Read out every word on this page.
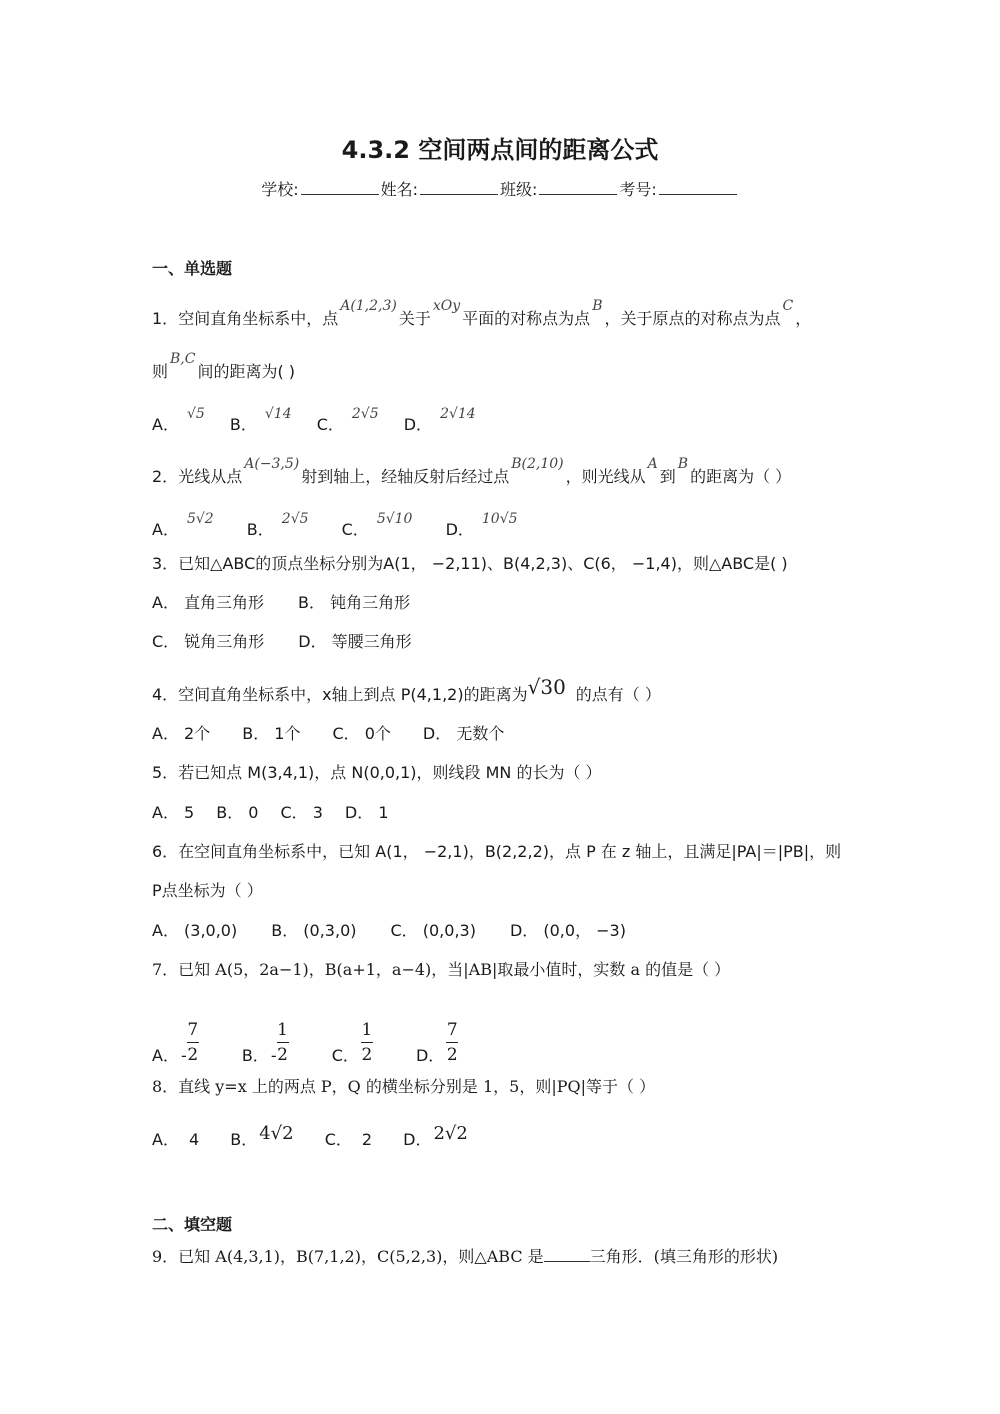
4.3.2 空间两点间的距离公式
学校:	姓名:	班级:	考号:
一、单选题
1．空间直角坐标系中，点A(1,2,3)关于xOy平面的对称点为点B，关于原点的对称点为点C，
则B,C间的距离为( )
A．√5 B．√14 C．2√5 D．2√14
2．光线从点A(−3,5)射到轴上，经轴反射后经过点B(2,10)，则光线从A到B的距离为（ ）
A．5√2 B．2√5 C．5√10 D．10√5
3．已知△ABC的顶点坐标分别为A(1， −2,11)、B(4,2,3)、C(6， −1,4)，则△ABC是( )
A． 直角三角形 B． 钝角三角形
C． 锐角三角形 D． 等腰三角形
4．空间直角坐标系中，x轴上到点 P(4,1,2)的距离为√30 的点有（ ）
A． 2个 B． 1个 C． 0个 D． 无数个
5．若已知点 M(3,4,1)，点 N(0,0,1)，则线段 MN 的长为（ ）
A． 5 B． 0 C． 3 D． 1
6．在空间直角坐标系中，已知 A(1， −2,1)，B(2,2,2)，点 P 在 z 轴上，且满足|PA|＝|PB|，则
P点坐标为（ ）
A． (3,0,0) B． (0,3,0) C． (0,0,3) D． (0,0， −3)
7．已知 A(5，2a−1)，B(a+1，a−4)，当|AB|取最小值时，实数 a 的值是（ ）
A． - $\frac{7}{2}$	B． - $\frac{1}{2}$	C． $\frac{1}{2}$	D． $\frac{7}{2}$
8．直线 y=x 上的两点 P，Q 的横坐标分别是 1，5，则|PQ|等于（ ）
A． 4 B． 4√2 C． 2 D． 2√2
二、填空题
9．已知 A(4,3,1)，B(7,1,2)，C(5,2,3)，则△ABC 是	三角形．(填三角形的形状)
